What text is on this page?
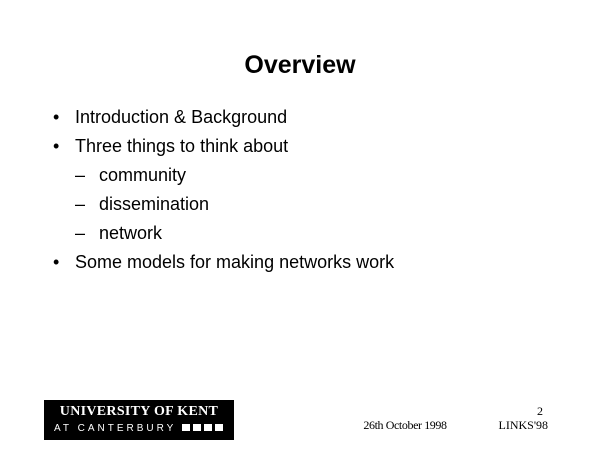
Overview
• Introduction & Background
• Three things to think about
– community
– dissemination
– network
• Some models for making networks work
UNIVERSITY OF KENT
AT CANTERBURY	26th October 1998
2
LINKS'98
